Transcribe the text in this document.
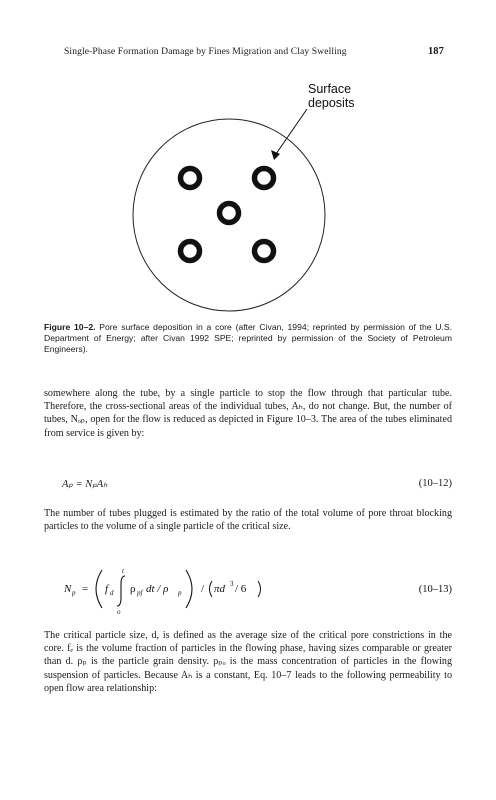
Single-Phase Formation Damage by Fines Migration and Clay Swelling	187
Surface
deposits
Figure 10–2. Pore surface deposition in a core (after Civan, 1994; reprinted by permission of the U.S. Department of Energy; after Civan 1992 SPE; reprinted by permission of the Society of Petroleum Engineers).

somewhere along the tube, by a single particle to stop the flow through that particular tube. Therefore, the cross-sectional areas of the individual tubes, Aₕ, do not change. But, the number of tubes, Nₒₚ, open for the flow is reduced as depicted in Figure 10–3. The area of the tubes eliminated from service is given by:

Aₚ = NₚAₕ	(10–12)

The number of tubes plugged is estimated by the ratio of the total volume of pore throat blocking particles to the volume of a single particle of the critical size.

N p = f d
t
o
ρ pf dt / ρ p / πd 3 / 6	(10–13)

The critical particle size, d, is defined as the average size of the critical pore constrictions in the core. fₑ is the volume fraction of particles in the flowing phase, having sizes comparable or greater than d. ρₚ is the particle grain density. ρₚₒ is the mass concentration of particles in the flowing suspension of particles. Because Aₕ is a constant, Eq. 10–7 leads to the following permeability to open flow area relationship:
